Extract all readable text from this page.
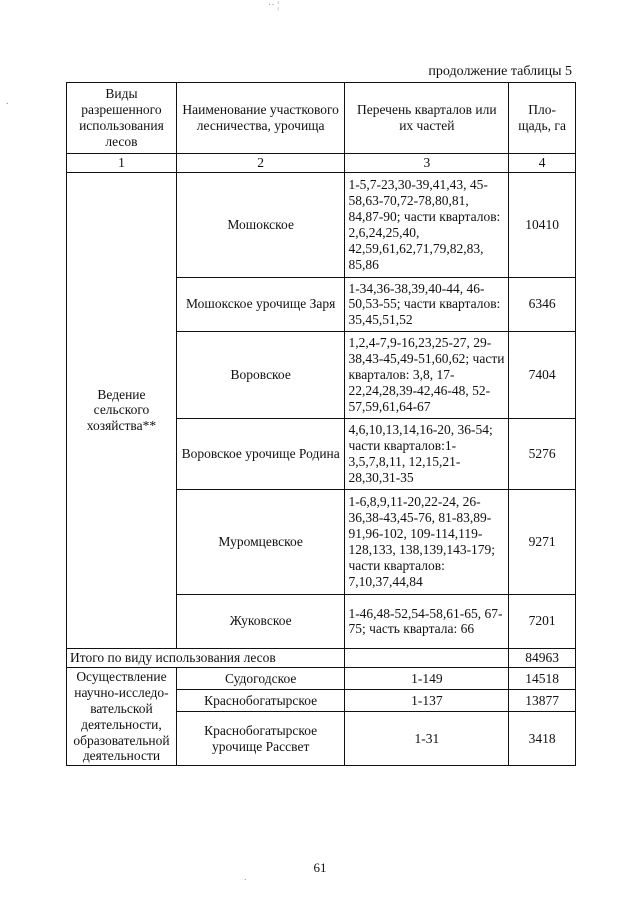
·· ¦
.
.
продолжение таблицы 5
Виды разрешенного использования лесов	Наименование участкового лесничества, урочища	Перечень кварталов или их частей	Пло-щадь, га
1	2	3	4
Ведение сельского хозяйства**	Мошокское	1-5,7-23,30-39,41,43, 45-58,63-70,72-78,80,81, 84,87-90; части кварталов: 2,6,24,25,40, 42,59,61,62,71,79,82,83, 85,86	10410
	Мошокское урочище Заря	1-34,36-38,39,40-44, 46-50,53-55; части кварталов: 35,45,51,52	6346
	Воровское	1,2,4-7,9-16,23,25-27, 29-38,43-45,49-51,60,62; части кварталов: 3,8, 17-22,24,28,39-42,46-48, 52-57,59,61,64-67	7404
	Воровское урочище Родина	4,6,10,13,14,16-20, 36-54; части кварталов:1-3,5,7,8,11, 12,15,21-28,30,31-35	5276
	Муромцевское	1-6,8,9,11-20,22-24, 26-36,38-43,45-76, 81-83,89-91,96-102, 109-114,119-128,133, 138,139,143-179; части кварталов: 7,10,37,44,84	9271
	Жуковское	1-46,48-52,54-58,61-65, 67-75; часть квартала: 66	7201
Итого по виду использования лесов			84963
Осуществление научно-исследо-вательской деятельности, образовательной деятельности	Судогодское	1-149	14518
	Краснобогатырское	1-137	13877
	Краснобогатырское урочище Рассвет	1-31	3418
61
